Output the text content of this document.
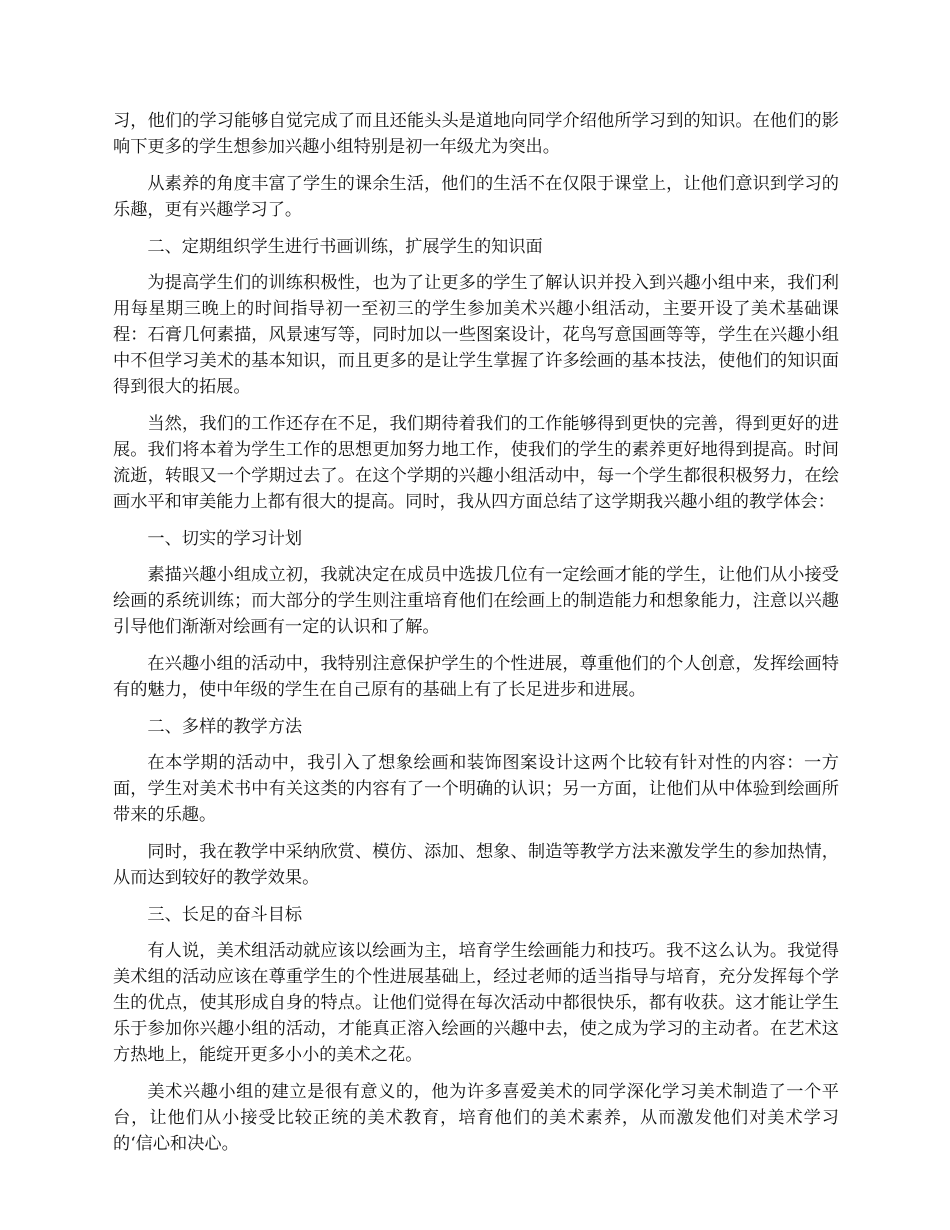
习，他们的学习能够自觉完成了而且还能头头是道地向同学介绍他所学习到的知识。在他们的影响下更多的学生想参加兴趣小组特别是初一年级尤为突出。

从素养的角度丰富了学生的课余生活，他们的生活不在仅限于课堂上，让他们意识到学习的乐趣，更有兴趣学习了。

二、定期组织学生进行书画训练，扩展学生的知识面

为提高学生们的训练积极性，也为了让更多的学生了解认识并投入到兴趣小组中来，我们利用每星期三晚上的时间指导初一至初三的学生参加美术兴趣小组活动，主要开设了美术基础课程：石膏几何素描，风景速写等，同时加以一些图案设计，花鸟写意国画等等，学生在兴趣小组中不但学习美术的基本知识，而且更多的是让学生掌握了许多绘画的基本技法，使他们的知识面得到很大的拓展。

当然，我们的工作还存在不足，我们期待着我们的工作能够得到更快的完善，得到更好的进展。我们将本着为学生工作的思想更加努力地工作，使我们的学生的素养更好地得到提高。时间流逝，转眼又一个学期过去了。在这个学期的兴趣小组活动中，每一个学生都很积极努力，在绘画水平和审美能力上都有很大的提高。同时，我从四方面总结了这学期我兴趣小组的教学体会：

一、切实的学习计划

素描兴趣小组成立初，我就决定在成员中选拔几位有一定绘画才能的学生，让他们从小接受绘画的系统训练；而大部分的学生则注重培育他们在绘画上的制造能力和想象能力，注意以兴趣引导他们渐渐对绘画有一定的认识和了解。

在兴趣小组的活动中，我特别注意保护学生的个性进展，尊重他们的个人创意，发挥绘画特有的魅力，使中年级的学生在自己原有的基础上有了长足进步和进展。

二、多样的教学方法

在本学期的活动中，我引入了想象绘画和装饰图案设计这两个比较有针对性的内容：一方面，学生对美术书中有关这类的内容有了一个明确的认识；另一方面，让他们从中体验到绘画所带来的乐趣。

同时，我在教学中采纳欣赏、模仿、添加、想象、制造等教学方法来激发学生的参加热情，从而达到较好的教学效果。

三、长足的奋斗目标

有人说，美术组活动就应该以绘画为主，培育学生绘画能力和技巧。我不这么认为。我觉得美术组的活动应该在尊重学生的个性进展基础上，经过老师的适当指导与培育，充分发挥每个学生的优点，使其形成自身的特点。让他们觉得在每次活动中都很快乐，都有收获。这才能让学生乐于参加你兴趣小组的活动，才能真正溶入绘画的兴趣中去，使之成为学习的主动者。在艺术这方热地上，能绽开更多小小的美术之花。

美术兴趣小组的建立是很有意义的，他为许多喜爱美术的同学深化学习美术制造了一个平台，让他们从小接受比较正统的美术教育，培育他们的美术素养，从而激发他们对美术学习的‘信心和决心。
